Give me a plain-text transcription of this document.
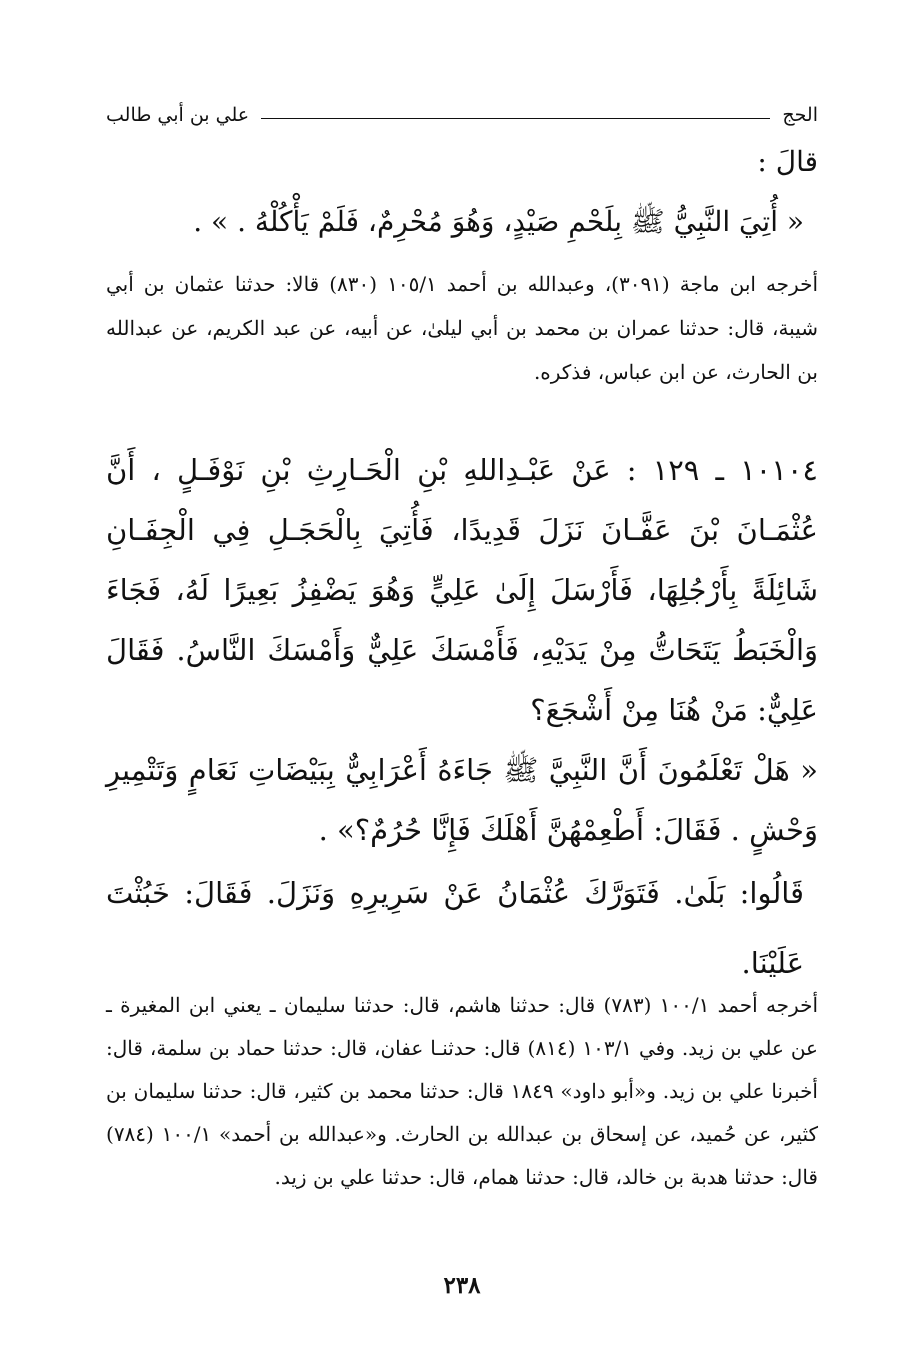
الحج
علي بن أبي طالب
قالَ :
« أُتِيَ النَّبِيُّ ﷺ بِلَحْمِ صَيْدٍ، وَهُوَ مُحْرِمٌ، فَلَمْ يَأْكُلْهُ . » .
أخرجه ابن ماجة (٣٠٩١)، وعبدالله بن أحمد ١٠٥/١ (٨٣٠) قالا: حدثنا عثمان بن أبي شيبة، قال: حدثنا عمران بن محمد بن أبي ليلىٰ، عن أبيه، عن عبد الكريم، عن عبدالله بن الحارث، عن ابن عباس، فذكره.
١٠١٠٤ ـ ١٢٩ : عَنْ عَبْـدِاللهِ بْنِ الْحَـارِثِ بْنِ نَوْفَـلٍ ، أَنَّ عُثْمَـانَ بْنَ عَفَّـانَ نَزَلَ قَدِيدًا، فَأُتِيَ بِالْحَجَـلِ فِي الْجِفَـانِ شَائِلَةً بِأَرْجُلِهَا، فَأَرْسَلَ إِلَىٰ عَلِيٍّ وَهُوَ يَضْفِزُ بَعِيرًا لَهُ، فَجَاءَ وَالْخَبَطُ يَتَحَاتُّ مِنْ يَدَيْهِ، فَأَمْسَكَ عَلِيٌّ وَأَمْسَكَ النَّاسُ. فَقَالَ عَلِيٌّ: مَنْ هُنَا مِنْ أَشْجَعَ؟
« هَلْ تَعْلَمُونَ أَنَّ النَّبِيَّ ﷺ جَاءَهُ أَعْرَابِيٌّ بِبَيْضَاتِ نَعَامٍ وَتَتْمِيرِ وَحْشٍ . فَقَالَ: أَطْعِمْهُنَّ أَهْلَكَ فَإِنَّا حُرُمٌ؟» .
قَالُوا: بَلَىٰ. فَتَوَرَّكَ عُثْمَانُ عَنْ سَرِيرِهِ وَنَزَلَ. فَقَالَ: خَبُثْتَ عَلَيْنَا.
أخرجه أحمد ١٠٠/١ (٧٨٣) قال: حدثنا هاشم، قال: حدثنا سليمان ـ يعني ابن المغيرة ـ عن علي بن زيد. وفي ١٠٣/١ (٨١٤) قال: حدثنـا عفان، قال: حدثنا حماد بن سلمة، قال: أخبرنا علي بن زيد. و«أبو داود» ١٨٤٩ قال: حدثنا محمد بن كثير، قال: حدثنا سليمان بن كثير، عن حُميد، عن إسحاق بن عبدالله بن الحارث. و«عبدالله بن أحمد» ١٠٠/١ (٧٨٤) قال: حدثنا هدبة بن خالد، قال: حدثنا همام، قال: حدثنا علي بن زيد.
٢٣٨
